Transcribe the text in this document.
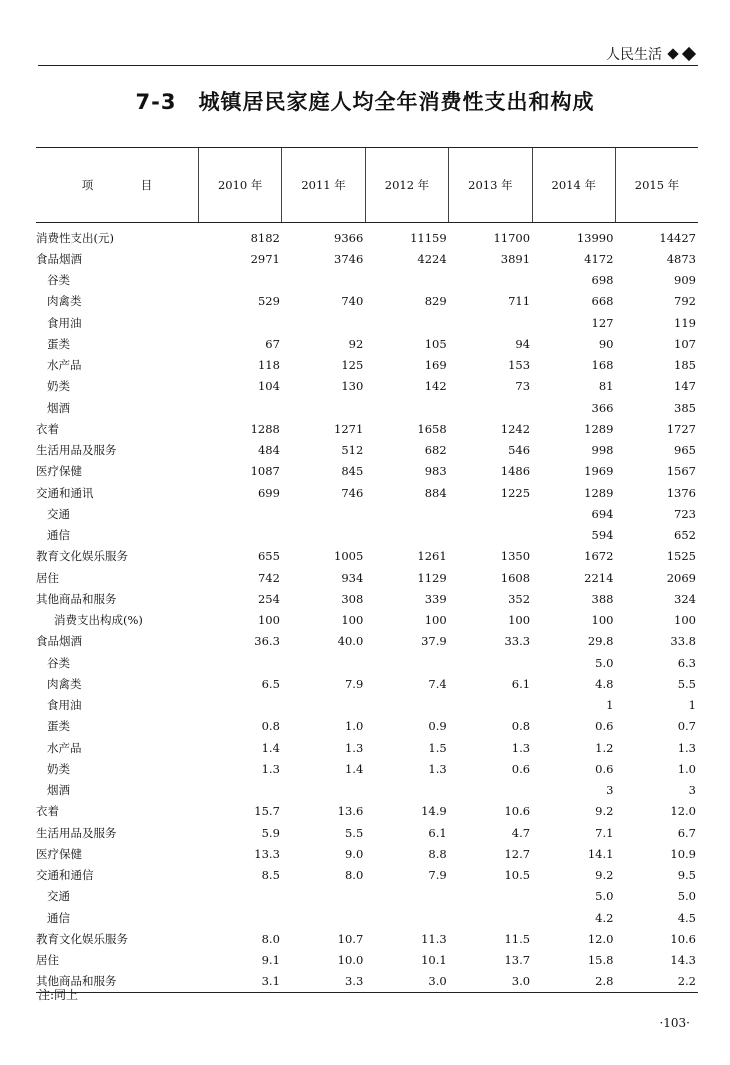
人民生活
7-3 城镇居民家庭人均全年消费性支出和构成
项　目	2010 年	2011 年	2012 年	2013 年	2014 年	2015 年
消费性支出(元)	8182	9366	11159	11700	13990	14427
食品烟酒	2971	3746	4224	3891	4172	4873
谷类					698	909
肉禽类	529	740	829	711	668	792
食用油					127	119
蛋类	67	92	105	94	90	107
水产品	118	125	169	153	168	185
奶类	104	130	142	73	81	147
烟酒					366	385
衣着	1288	1271	1658	1242	1289	1727
生活用品及服务	484	512	682	546	998	965
医疗保健	1087	845	983	1486	1969	1567
交通和通讯	699	746	884	1225	1289	1376
交通					694	723
通信					594	652
教育文化娱乐服务	655	1005	1261	1350	1672	1525
居住	742	934	1129	1608	2214	2069
其他商品和服务	254	308	339	352	388	324
消费支出构成(%)	100	100	100	100	100	100
食品烟酒	36.3	40.0	37.9	33.3	29.8	33.8
谷类					5.0	6.3
肉禽类	6.5	7.9	7.4	6.1	4.8	5.5
食用油					1	1
蛋类	0.8	1.0	0.9	0.8	0.6	0.7
水产品	1.4	1.3	1.5	1.3	1.2	1.3
奶类	1.3	1.4	1.3	0.6	0.6	1.0
烟酒					3	3
衣着	15.7	13.6	14.9	10.6	9.2	12.0
生活用品及服务	5.9	5.5	6.1	4.7	7.1	6.7
医疗保健	13.3	9.0	8.8	12.7	14.1	10.9
交通和通信	8.5	8.0	7.9	10.5	9.2	9.5
交通					5.0	5.0
通信					4.2	4.5
教育文化娱乐服务	8.0	10.7	11.3	11.5	12.0	10.6
居住	9.1	10.0	10.1	13.7	15.8	14.3
其他商品和服务	3.1	3.3	3.0	3.0	2.8	2.2
注:同上
·103·
